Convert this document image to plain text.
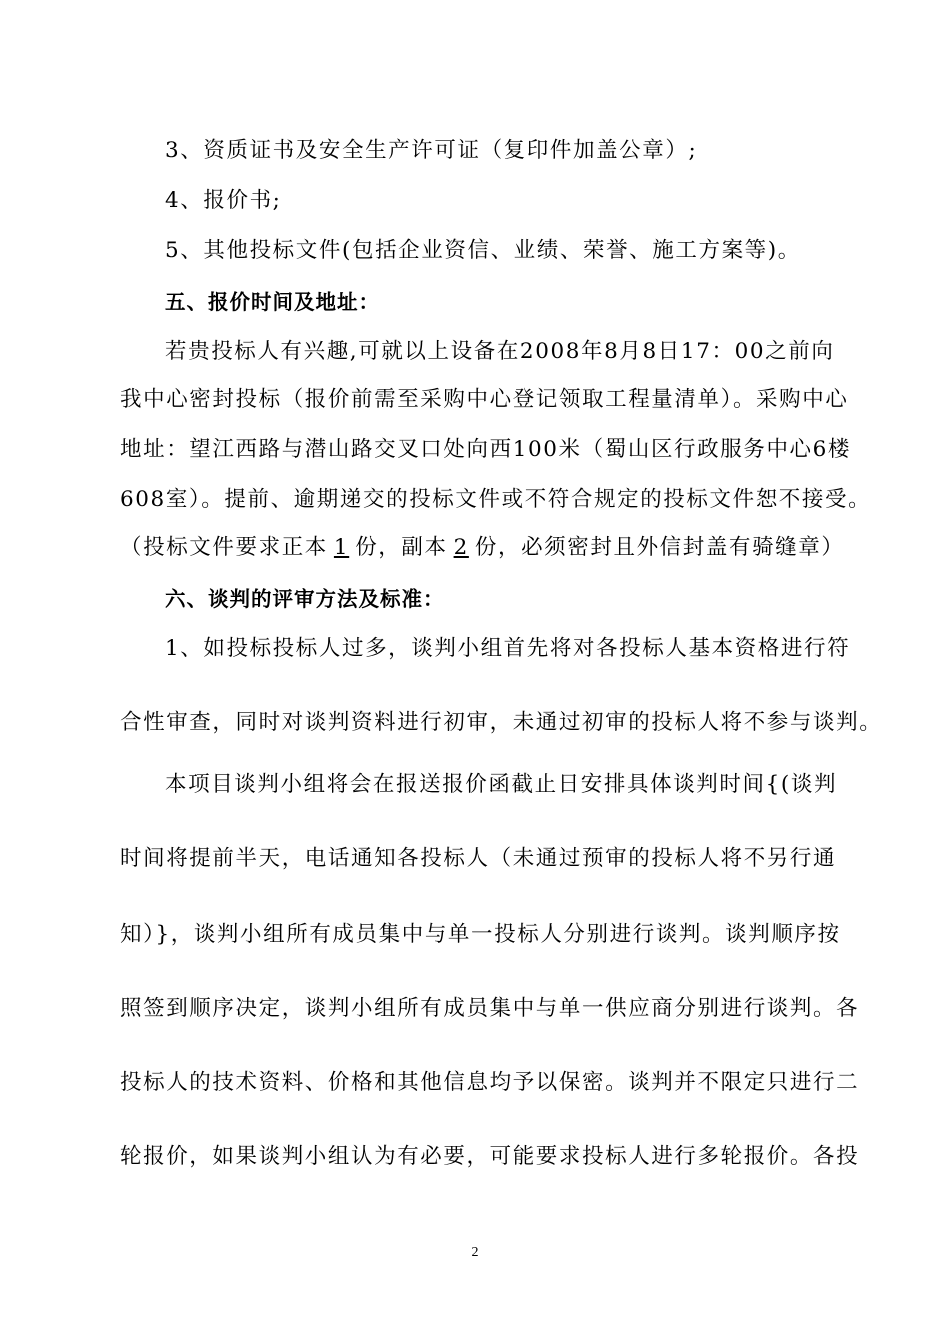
3、资质证书及安全生产许可证（复印件加盖公章）;
4、报价书;
5、其他投标文件(包括企业资信、业绩、荣誉、施工方案等)。
五、报价时间及地址：
若贵投标人有兴趣,可就以上设备在2008年8月8日17：00之前向
我中心密封投标（报价前需至采购中心登记领取工程量清单）。采购中心
地址：望江西路与潜山路交叉口处向西100米（蜀山区行政服务中心6楼
608室）。提前、逾期递交的投标文件或不符合规定的投标文件恕不接受。
（投标文件要求正本 1 份，副本 2 份，必须密封且外信封盖有骑缝章）
六、谈判的评审方法及标准：
1、如投标投标人过多，谈判小组首先将对各投标人基本资格进行符
合性审查，同时对谈判资料进行初审，未通过初审的投标人将不参与谈判。
本项目谈判小组将会在报送报价函截止日安排具体谈判时间{(谈判
时间将提前半天，电话通知各投标人（未通过预审的投标人将不另行通
知）}，谈判小组所有成员集中与单一投标人分别进行谈判。谈判顺序按
照签到顺序决定，谈判小组所有成员集中与单一供应商分别进行谈判。各
投标人的技术资料、价格和其他信息均予以保密。谈判并不限定只进行二
轮报价，如果谈判小组认为有必要，可能要求投标人进行多轮报价。各投
2
